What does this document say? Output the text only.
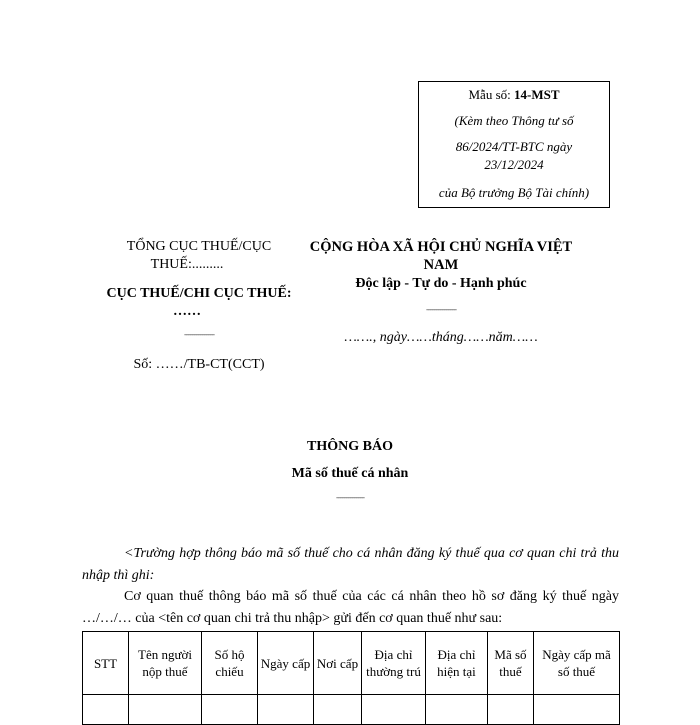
Mẫu số: 14-MST
(Kèm theo Thông tư số
86/2024/TT-BTC ngày
23/12/2024
của Bộ trưởng Bộ Tài chính)
TỔNG CỤC THUẾ/CỤC
THUẾ:.........
CỤC THUẾ/CHI CỤC THUẾ:
……
---------------
Số: ……/TB-CT(CCT)
CỘNG HÒA XÃ HỘI CHỦ NGHĨA VIỆT
NAM
Độc lập - Tự do - Hạnh phúc
---------------
……., ngày……tháng……năm……
THÔNG BÁO
Mã số thuế cá nhân
--------------
<Trường hợp thông báo mã số thuế cho cá nhân đăng ký thuế qua cơ quan chi trả thu nhập thì ghi:
Cơ quan thuế thông báo mã số thuế của các cá nhân theo hồ sơ đăng ký thuế ngày …/…/… của <tên cơ quan chi trả thu nhập> gửi đến cơ quan thuế như sau:
STT	Tên người nộp thuế	Số hộ chiếu	Ngày cấp	Nơi cấp	Địa chỉ thường trú	Địa chỉ hiện tại	Mã số thuế	Ngày cấp mã số thuế
